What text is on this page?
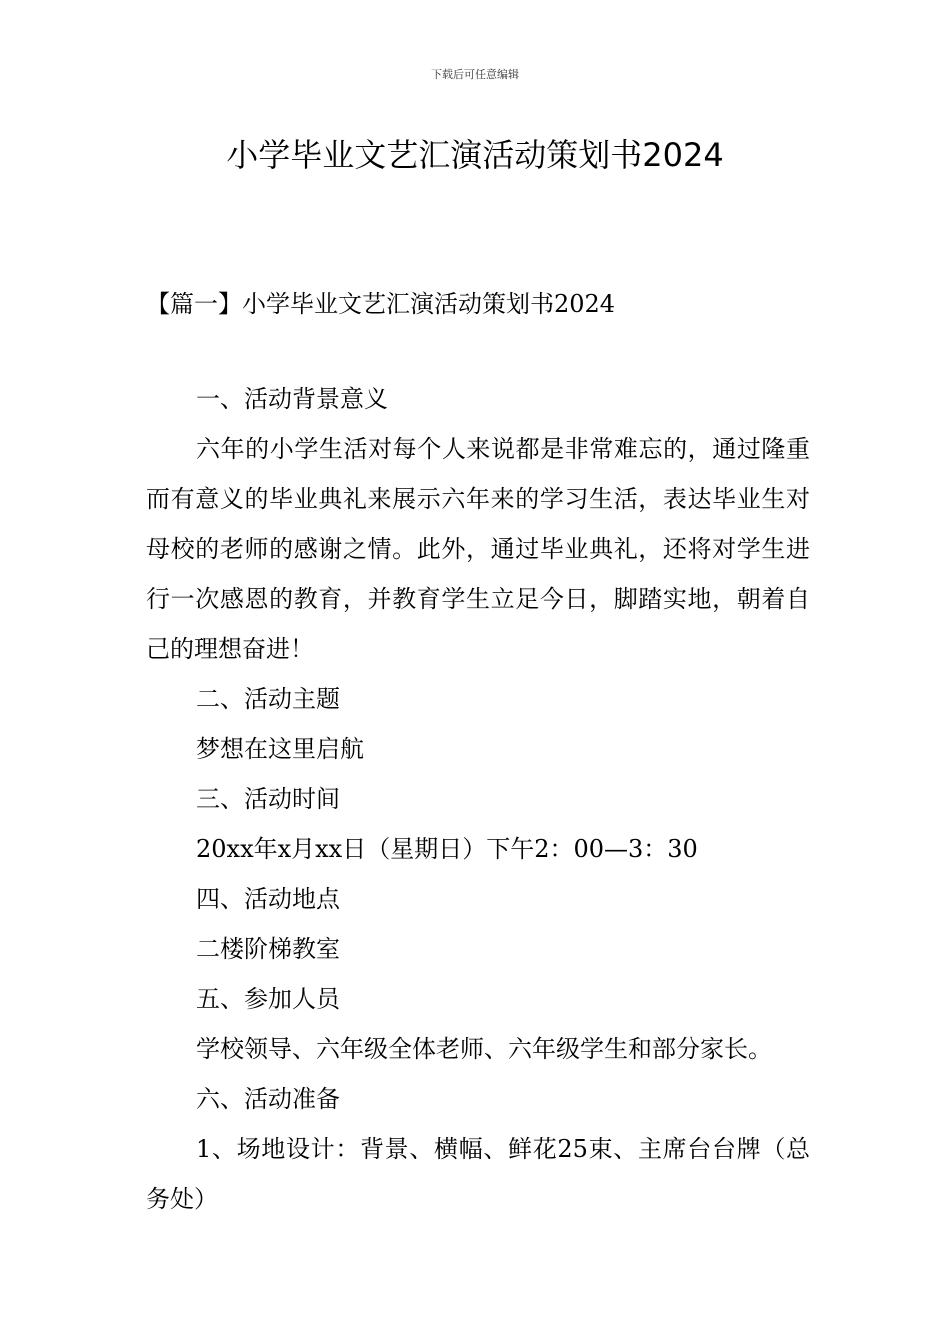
下载后可任意编辑
小学毕业文艺汇演活动策划书2024
【篇一】小学毕业文艺汇演活动策划书2024

一、活动背景意义

六年的小学生活对每个人来说都是非常难忘的，通过隆重而有意义的毕业典礼来展示六年来的学习生活，表达毕业生对母校的老师的感谢之情。此外，通过毕业典礼，还将对学生进行一次感恩的教育，并教育学生立足今日，脚踏实地，朝着自己的理想奋进！

二、活动主题

梦想在这里启航

三、活动时间

20xx年x月xx日（星期日）下午2：00—3：30

四、活动地点

二楼阶梯教室

五、参加人员

学校领导、六年级全体老师、六年级学生和部分家长。

六、活动准备

1、场地设计：背景、横幅、鲜花25束、主席台台牌（总务处）
